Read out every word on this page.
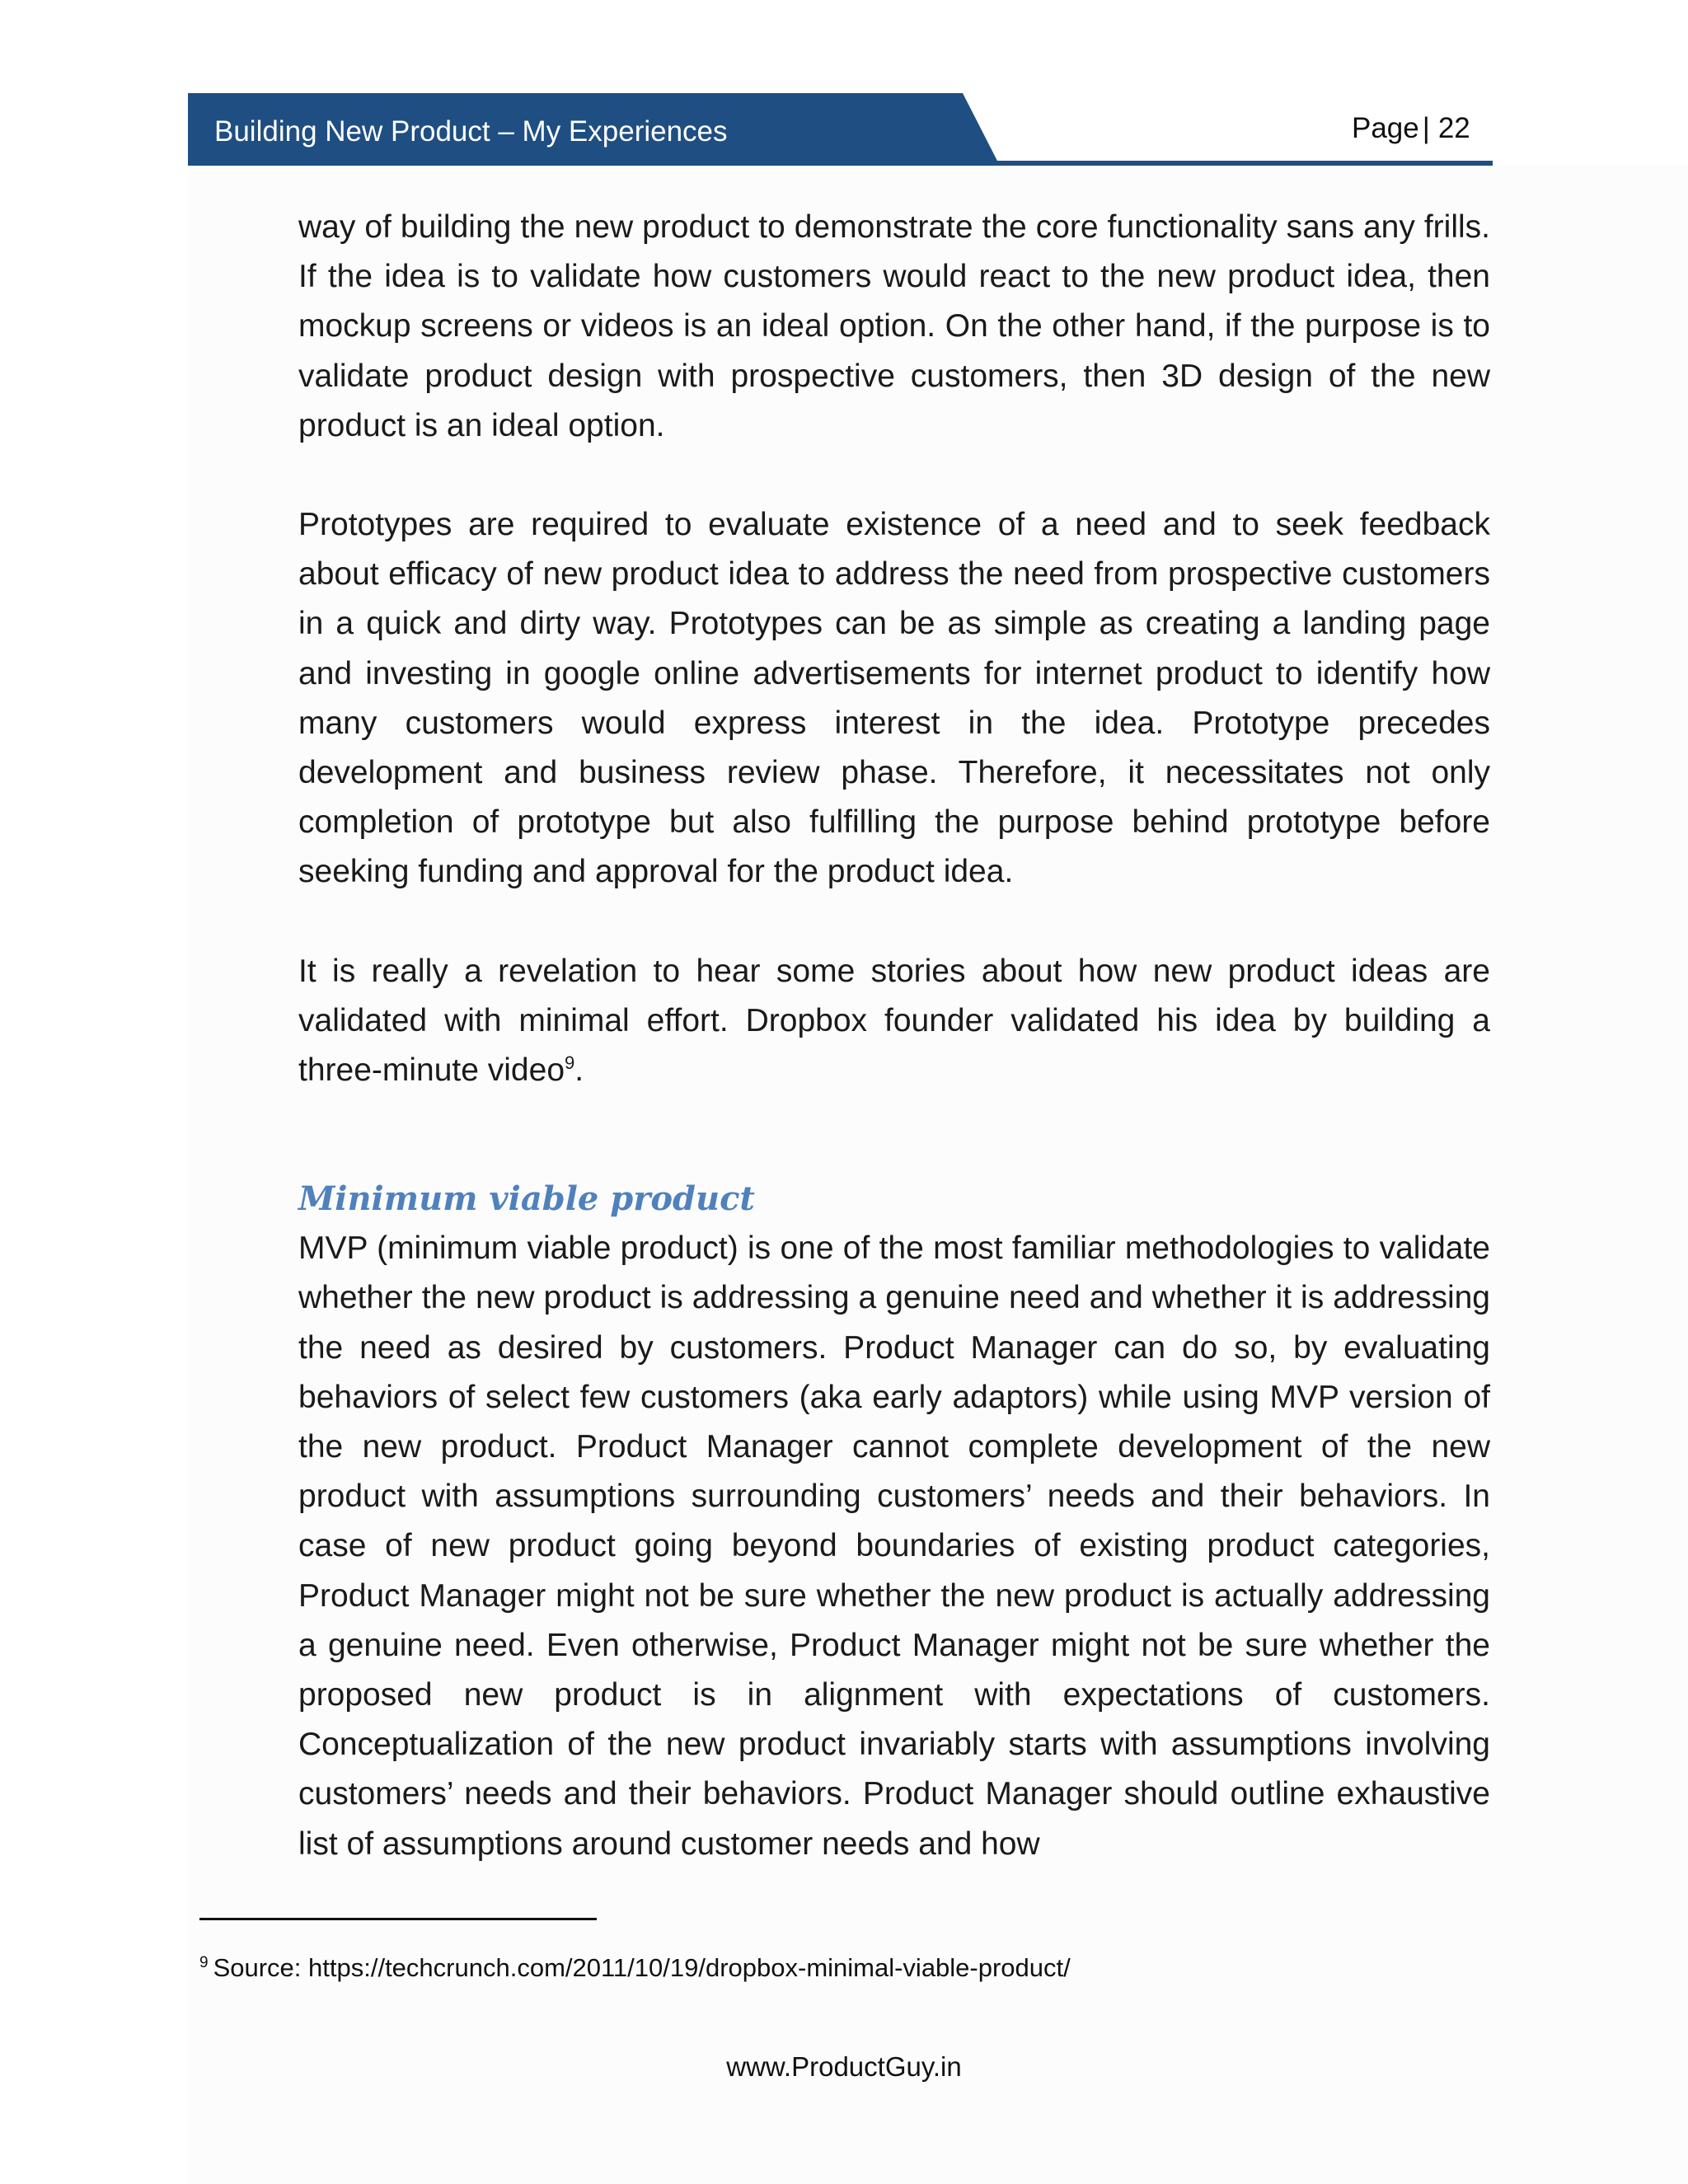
Building New Product – My Experiences	Page | 22

way of building the new product to demonstrate the core functionality sans any frills. If the idea is to validate how customers would react to the new product idea, then mockup screens or videos is an ideal option. On the other hand, if the purpose is to validate product design with prospective customers, then 3D design of the new product is an ideal option.

Prototypes are required to evaluate existence of a need and to seek feedback about efficacy of new product idea to address the need from prospective customers in a quick and dirty way. Prototypes can be as simple as creating a landing page and investing in google online advertisements for internet product to identify how many customers would express interest in the idea. Prototype precedes development and business review phase. Therefore, it necessitates not only completion of prototype but also fulfilling the purpose behind prototype before seeking funding and approval for the product idea.

It is really a revelation to hear some stories about how new product ideas are validated with minimal effort. Dropbox founder validated his idea by building a three-minute video$^9$.

Minimum viable product

MVP (minimum viable product) is one of the most familiar methodologies to validate whether the new product is addressing a genuine need and whether it is addressing the need as desired by customers. Product Manager can do so, by evaluating behaviors of select few customers (aka early adaptors) while using MVP version of the new product. Product Manager cannot complete development of the new product with assumptions surrounding customers’ needs and their behaviors. In case of new product going beyond boundaries of existing product categories, Product Manager might not be sure whether the new product is actually addressing a genuine need. Even otherwise, Product Manager might not be sure whether the proposed new product is in alignment with expectations of customers. Conceptualization of the new product invariably starts with assumptions involving customers’ needs and their behaviors. Product Manager should outline exhaustive list of assumptions around customer needs and how

$^9$ Source: https://techcrunch.com/2011/10/19/dropbox-minimal-viable-product/
www.ProductGuy.in
